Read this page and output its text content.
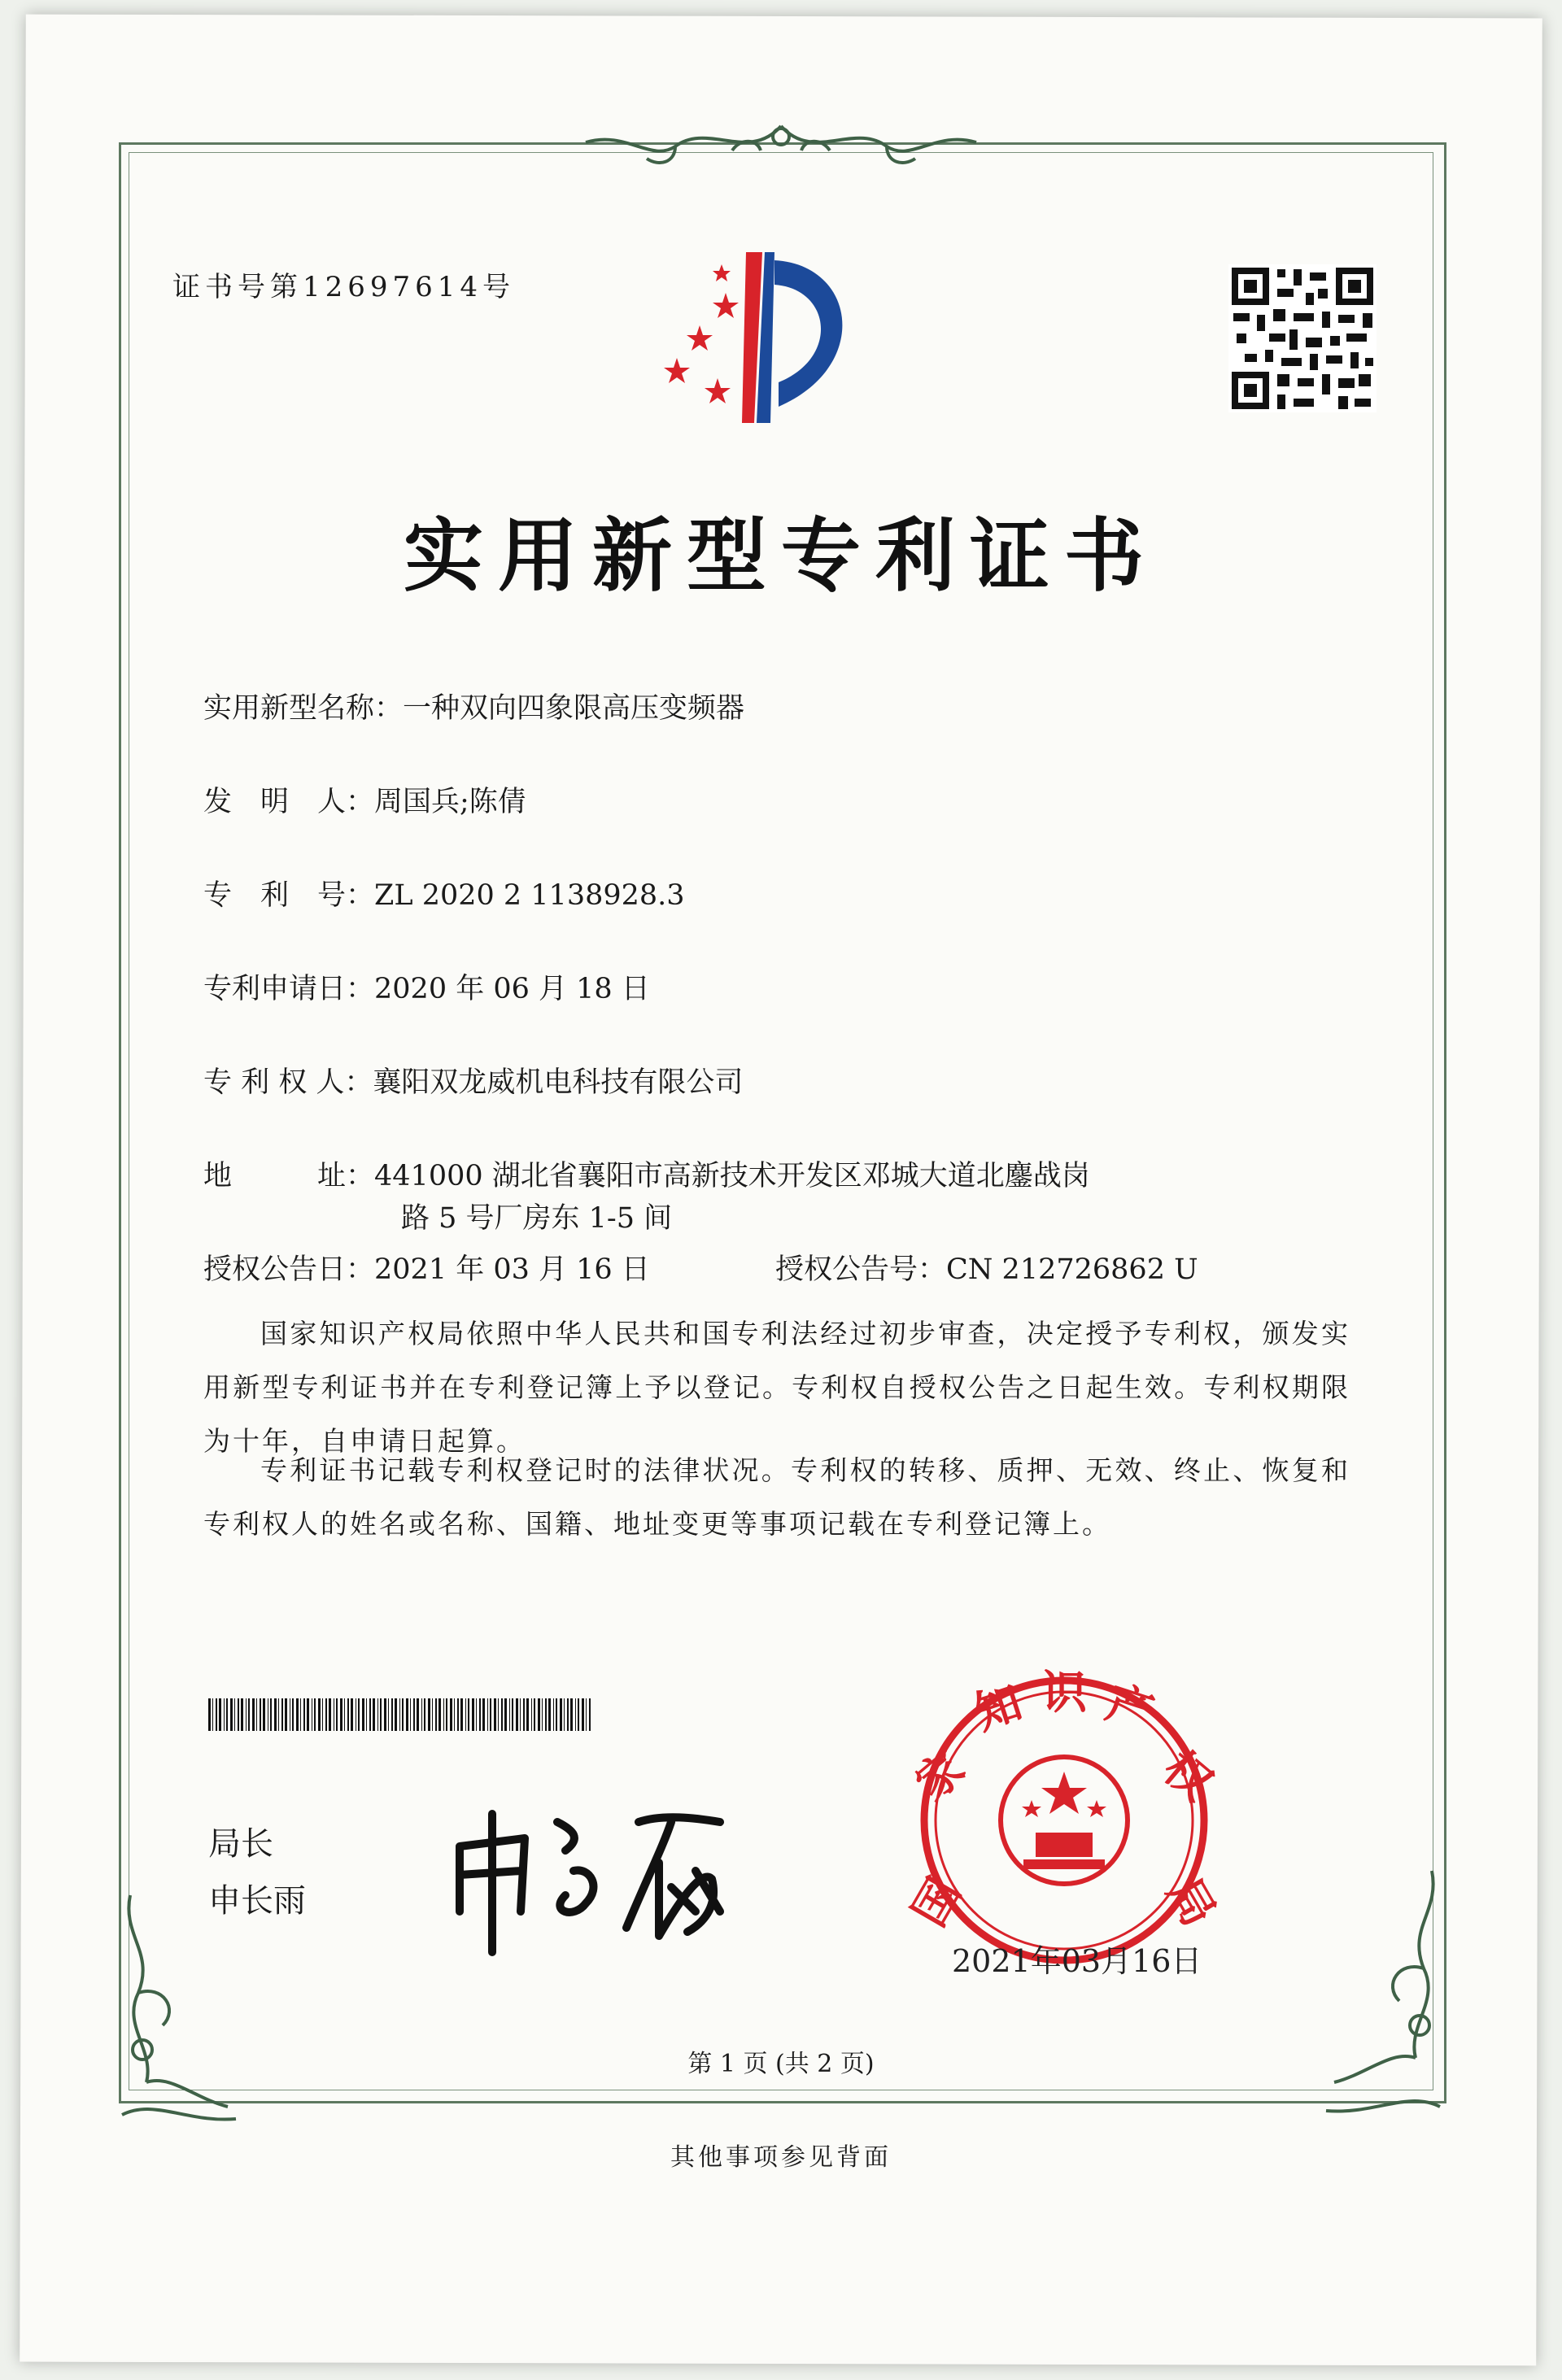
证书号第12697614号
实用新型专利证书
实用新型名称：一种双向四象限高压变频器
发　明　人：周国兵;陈倩
专　利　号：ZL 2020 2 1138928.3
专利申请日：2020 年 06 月 18 日
专 利 权 人：襄阳双龙威机电科技有限公司
地　　　址：441000 湖北省襄阳市高新技术开发区邓城大道北鏖战岗
路 5 号厂房东 1-5 间
授权公告日：2021 年 03 月 16 日	授权公告号：CN 212726862 U
国家知识产权局依照中华人民共和国专利法经过初步审查，决定授予专利权，颁发实用新型专利证书并在专利登记簿上予以登记。专利权自授权公告之日起生效。专利权期限为十年，自申请日起算。
专利证书记载专利权登记时的法律状况。专利权的转移、质押、无效、终止、恢复和专利权人的姓名或名称、国籍、地址变更等事项记载在专利登记簿上。
局长
申长雨	国
家
知 识 产
权
局
2021年03月16日
第 1 页 (共 2 页)
其他事项参见背面
